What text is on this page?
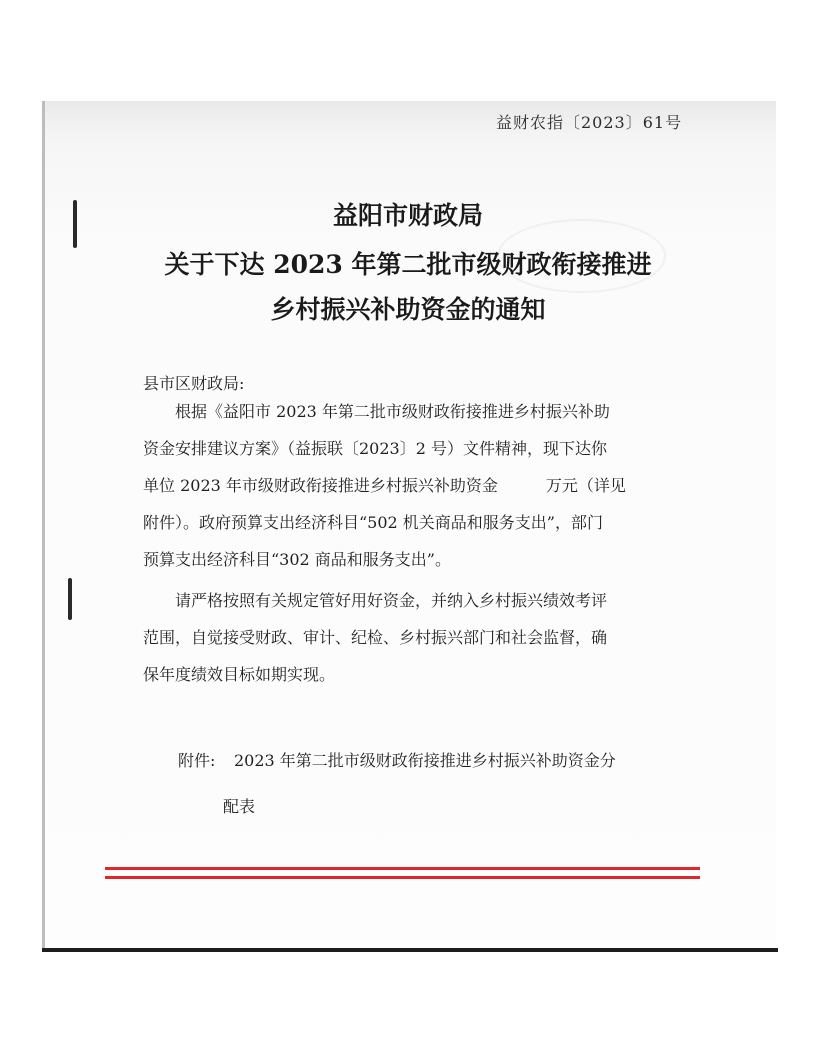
益财农指〔2023〕61号
益阳市财政局
关于下达 2023 年第二批市级财政衔接推进
乡村振兴补助资金的通知
县市区财政局:
根据《益阳市 2023 年第二批市级财政衔接推进乡村振兴补助
资金安排建议方案》（益振联〔2023〕2 号）文件精神，现下达你
单位 2023 年市级财政衔接推进乡村振兴补助资金	万元（详见
附件）。政府预算支出经济科目“502 机关商品和服务支出”，部门
预算支出经济科目“302 商品和服务支出”。
请严格按照有关规定管好用好资金，并纳入乡村振兴绩效考评
范围，自觉接受财政、审计、纪检、乡村振兴部门和社会监督，确
保年度绩效目标如期实现。
附件: 2023 年第二批市级财政衔接推进乡村振兴补助资金分
配表
